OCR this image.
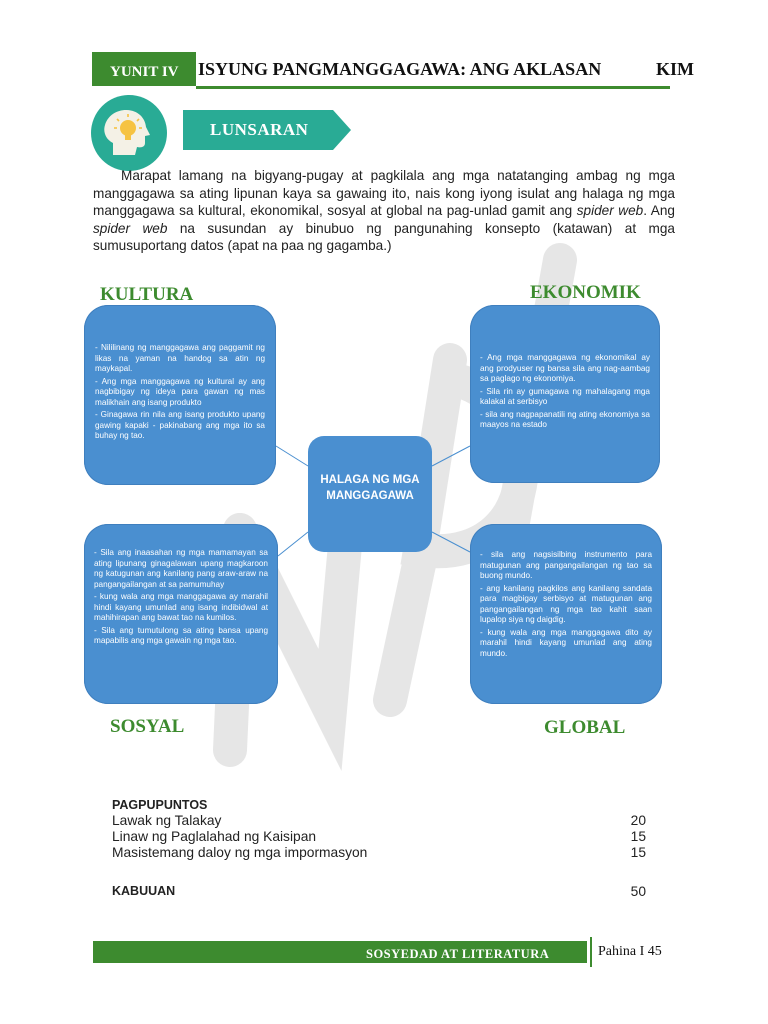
YUNIT IV ISYUNG PANGMANGGAGAWA: ANG AKLASAN	KIM
LUNSARAN

Marapat lamang na bigyang-pugay at pagkilala ang mga natatanging ambag ng mga manggagawa sa ating lipunan kaya sa gawaing ito, nais kong iyong isulat ang halaga ng mga manggagawa sa kultural, ekonomikal, sosyal at global na pag-unlad gamit ang spider web. Ang spider web na susundan ay binubuo ng pangunahing konsepto (katawan) at mga sumusuportang datos (apat na paa ng gagamba.)

KULTURA	EKONOMIK
SOSYAL	GLOBAL

- Nililinang ng manggagawa ang paggamit ng likas na yaman na handog sa atin ng maykapal.

- Ang mga manggagawa ng kultural ay ang nagbibigay ng ideya para gawan ng mas malikhain ang isang produkto

- Ginagawa rin nila ang isang produkto upang gawing kapaki - pakinabang ang mga ito sa buhay ng tao.

- Ang mga manggagawa ng ekonomikal ay ang prodyuser ng bansa sila ang nag-aambag sa paglago ng ekonomiya.

- Sila rin ay gumagawa ng mahalagang mga kalakal at serbisyo

- sila ang nagpapanatili ng ating ekonomiya sa maayos na estado

- Sila ang inaasahan ng mga mamamayan sa ating lipunang ginagalawan upang magkaroon ng katugunan ang kanilang pang araw-araw na pangangailangan at sa pamumuhay

- kung wala ang mga manggagawa ay marahil hindi kayang umunlad ang isang indibidwal at mahihirapan ang bawat tao na kumilos.

- Sila ang tumutulong sa ating bansa upang mapabilis ang mga gawain ng mga tao.

- sila ang nagsisilbing instrumento para matugunan ang pangangailangan ng tao sa buong mundo.

- ang kanilang pagkilos ang kanilang sandata para magbigay serbisyo at matugunan ang pangangailangan ng mga tao kahit saan lupalop siya ng daigdig.

- kung wala ang mga manggagawa dito ay marahil hindi kayang umunlad ang ating mundo.

HALAGA NG MGA MANGGAGAWA
PAGPUPUNTOS
Lawak ng Talakay	20
Linaw ng Paglalahad ng Kaisipan	15
Masistemang daloy ng mga impormasyon	15
KABUUAN	50
SOSYEDAD AT LITERATURA	Pahina I 45
